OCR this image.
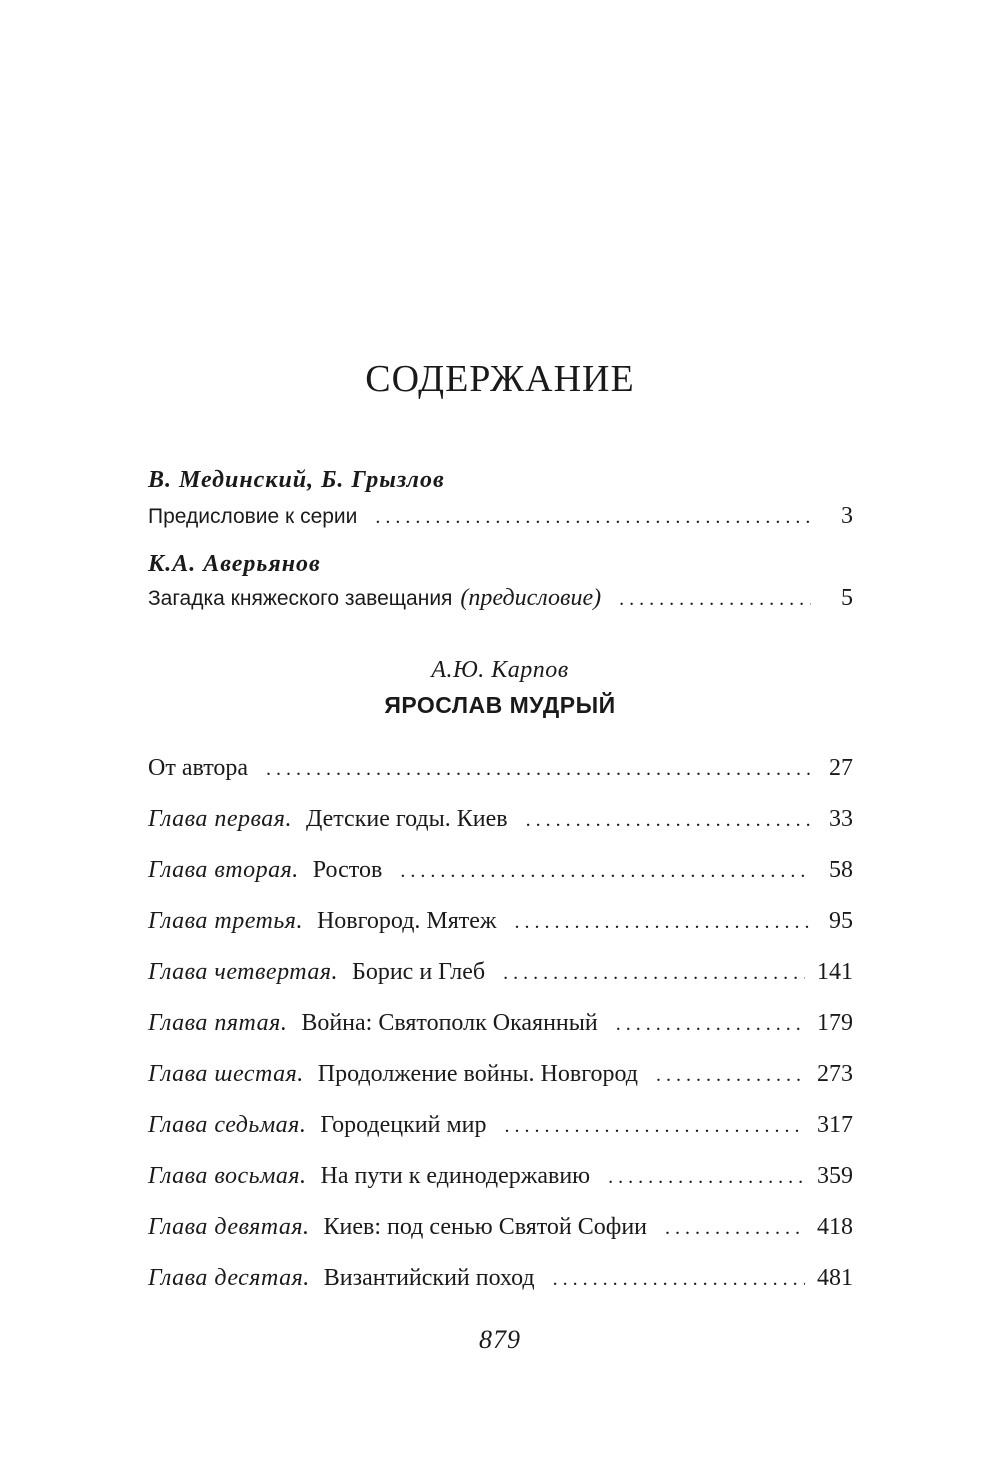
СОДЕРЖАНИЕ
В. Мединский, Б. Грызлов
Предисловие к серии . . .	3
К.А. Аверьянов
Загадка княжеского завещания (предисловие) . . .	5
А.Ю. Карпов
ЯРОСЛАВ МУДРЫЙ
От автора . . .	27
Глава первая. Детские годы. Киев . . .	33
Глава вторая. Ростов . . .	58
Глава третья. Новгород. Мятеж . . .	95
Глава четвертая. Борис и Глеб . . .	141
Глава пятая. Война: Святополк Окаянный . . .	179
Глава шестая. Продолжение войны. Новгород . . .	273
Глава седьмая. Городецкий мир . . .	317
Глава восьмая. На пути к единодержавию . . .	359
Глава девятая. Киев: под сенью Святой Софии . . .	418
Глава десятая. Византийский поход . . .	481
879
